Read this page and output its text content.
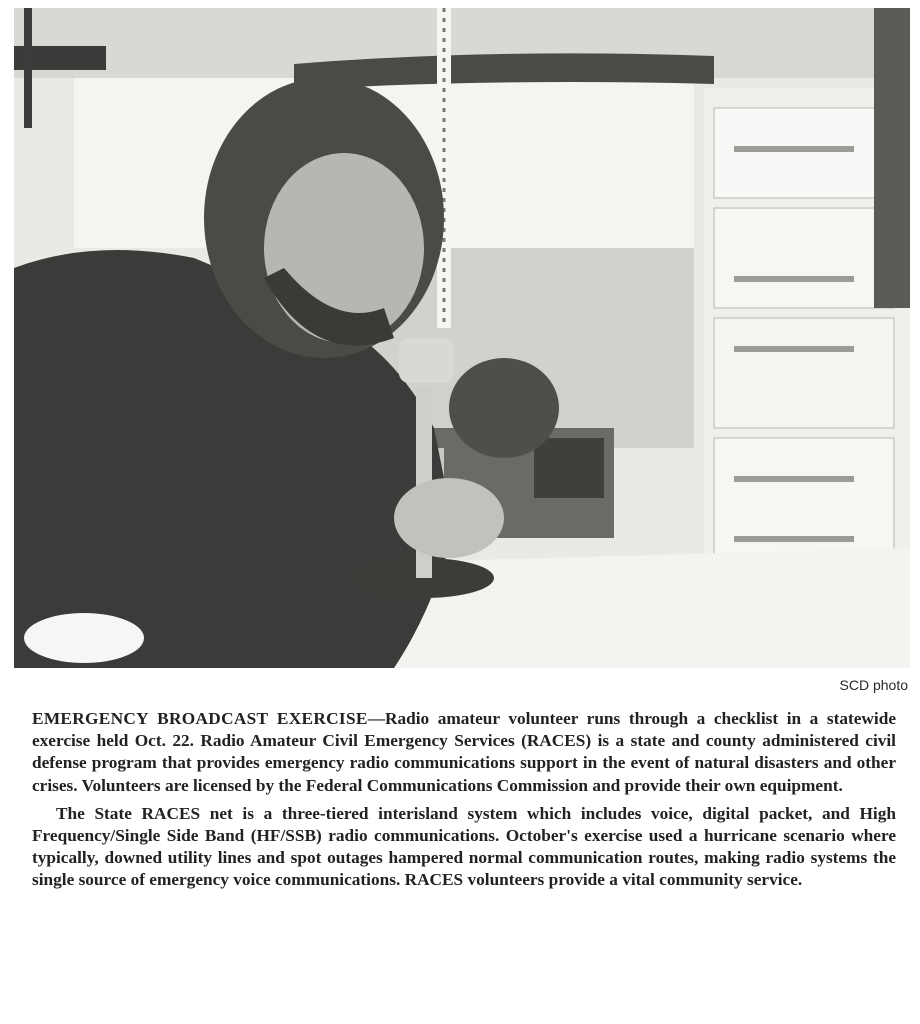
SCD photo

EMERGENCY BROADCAST EXERCISE—Radio amateur volunteer runs through a checklist in a statewide exercise held Oct. 22. Radio Amateur Civil Emergency Services (RACES) is a state and county administered civil defense program that provides emergency radio communications support in the event of natural disasters and other crises. Volunteers are licensed by the Federal Communications Commission and provide their own equipment.

The State RACES net is a three-tiered interisland system which includes voice, digital packet, and High Frequency/Single Side Band (HF/SSB) radio communications. October's exercise used a hurricane scenario where typically, downed utility lines and spot outages hampered normal communication routes, making radio systems the single source of emergency voice communications. RACES volunteers provide a vital community service.
